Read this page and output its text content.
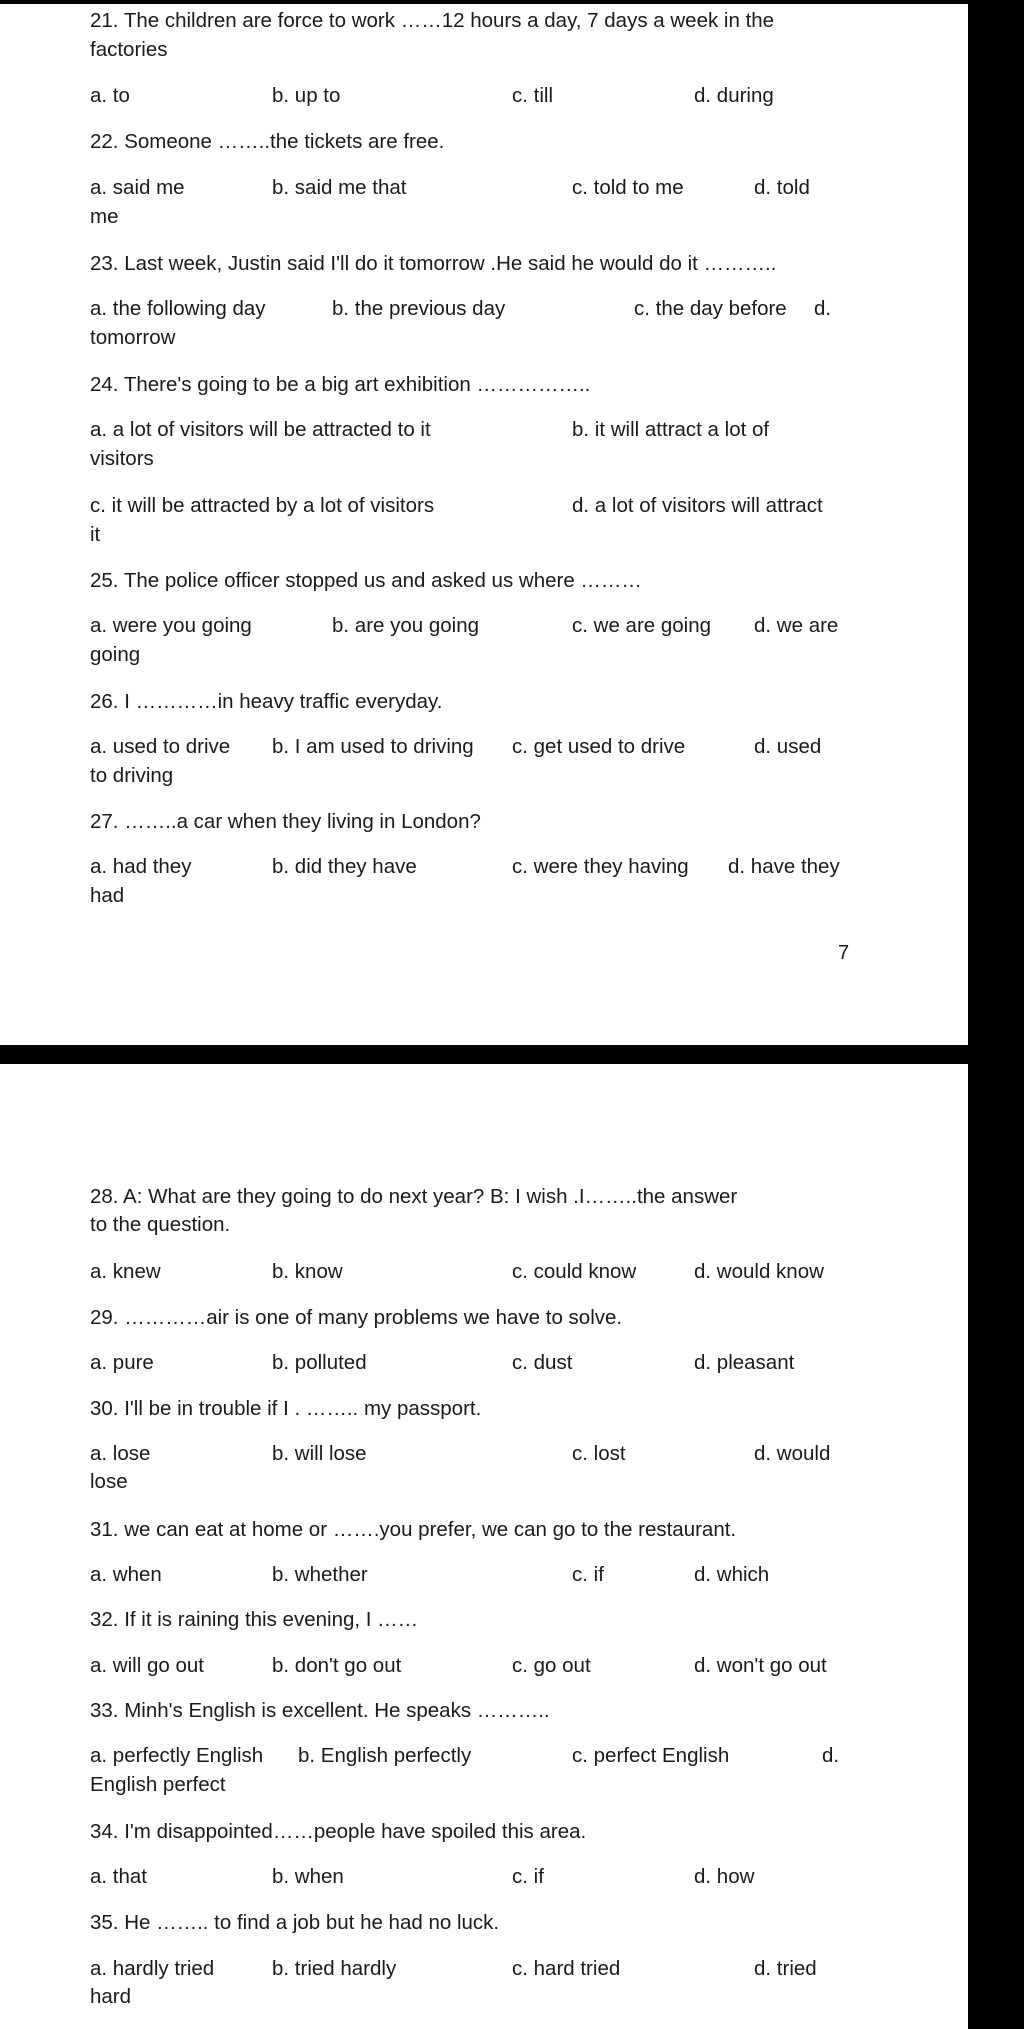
21. The children are force to work ……12 hours a day, 7 days a week in the
factories
a. to	b. up to	c. till	d. during
22. Someone ……..the tickets are free.
a. said me	b. said me that	c. told to me	d. told
me
23. Last week, Justin said I'll do it tomorrow .He said he would do it ………..
a. the following day	b. the previous day	c. the day before d.
tomorrow
24. There's going to be a big art exhibition ……………..
a. a lot of visitors will be attracted to it	b. it will attract a lot of
visitors
c. it will be attracted by a lot of visitors	d. a lot of visitors will attract
it
25. The police officer stopped us and asked us where ………
a. were you going	b. are you going	c. we are going d. we are
going
26. I …………in heavy traffic everyday.
a. used to drive b. I am used to driving c. get used to drive	d. used
to driving
27. ……..a car when they living in London?
a. had they	b. did they have	c. were they having d. have they
had
7
28. A: What are they going to do next year? B: I wish .I……..the answer
to the question.
a. knew	b. know	c. could know	d. would know
29. …………air is one of many problems we have to solve.
a. pure	b. polluted	c. dust	d. pleasant
30. I'll be in trouble if I . …….. my passport.
a. lose	b. will lose	c. lost	d. would
lose
31. we can eat at home or …….you prefer, we can go to the restaurant.
a. when	b. whether	c. if	d. which
32. If it is raining this evening, I ……
a. will go out	b. don't go out	c. go out	d. won't go out
33. Minh's English is excellent. He speaks ………..
a. perfectly English b. English perfectly	c. perfect English	d.
English perfect
34. I'm disappointed……people have spoiled this area.
a. that	b. when	c. if	d. how
35. He …….. to find a job but he had no luck.
a. hardly tried	b. tried hardly	c. hard tried	d. tried
hard
